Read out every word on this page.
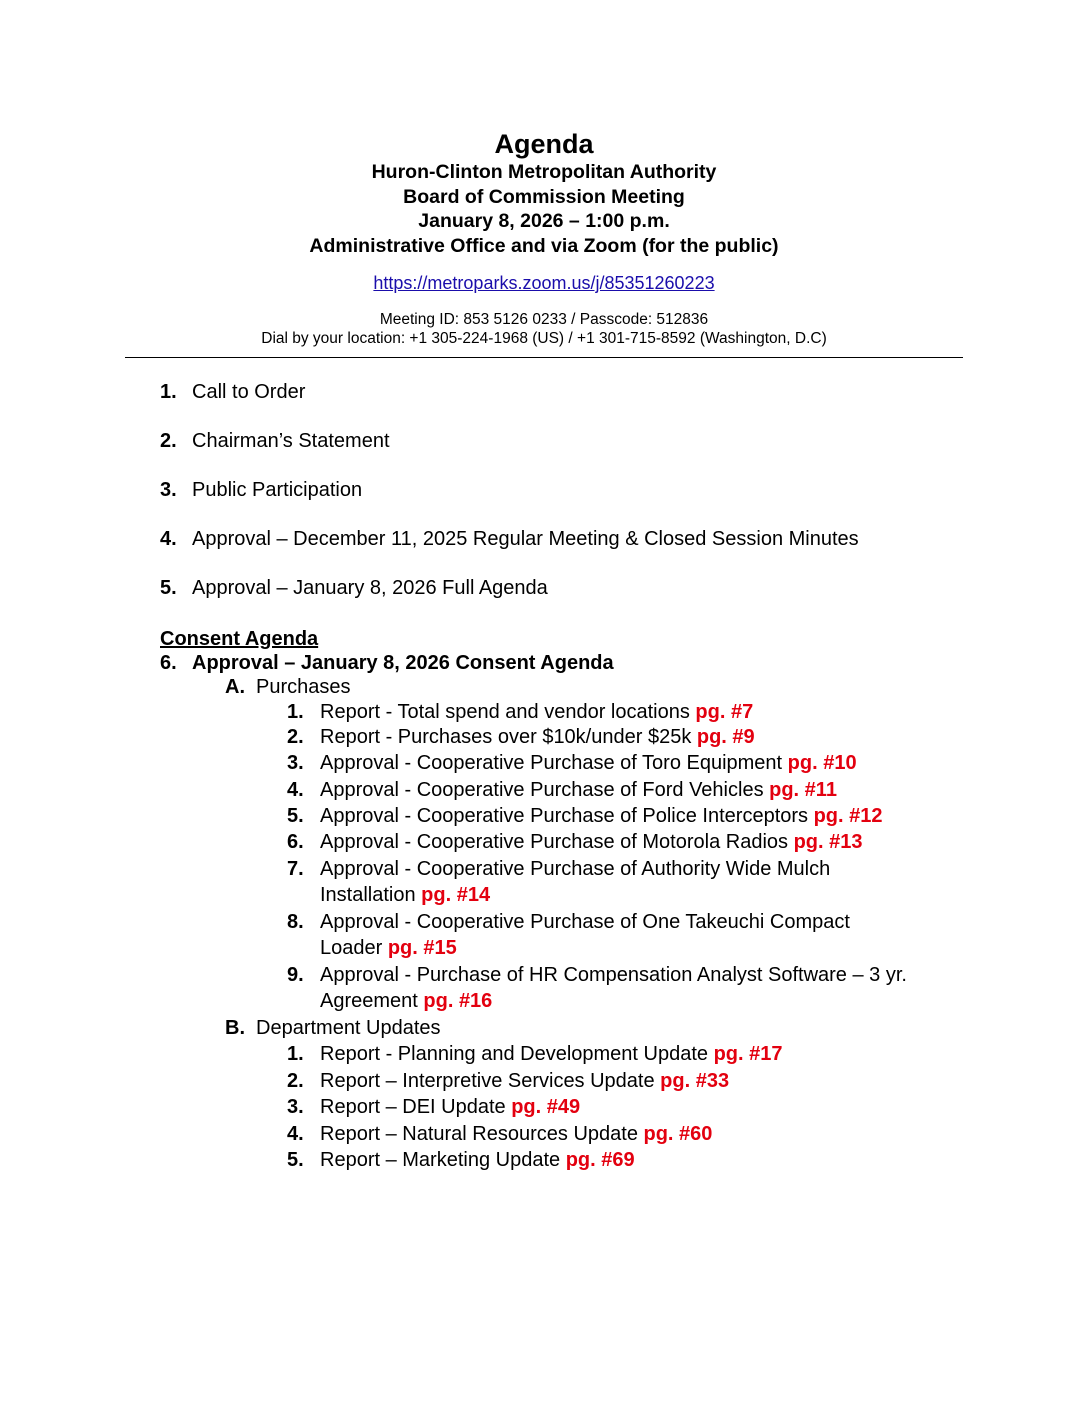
Agenda
Huron-Clinton Metropolitan Authority
Board of Commission Meeting
January 8, 2026 – 1:00 p.m.
Administrative Office and via Zoom (for the public)
https://metroparks.zoom.us/j/85351260223
Meeting ID: 853 5126 0233 / Passcode: 512836
Dial by your location: +1 305-224-1968 (US) / +1 301-715-8592 (Washington, D.C)
1. Call to Order
2. Chairman’s Statement
3. Public Participation
4. Approval – December 11, 2025 Regular Meeting & Closed Session Minutes
5. Approval – January 8, 2026 Full Agenda
Consent Agenda
6. Approval – January 8, 2026 Consent Agenda
A. Purchases
1. Report - Total spend and vendor locations pg. #7
2. Report - Purchases over $10k/under $25k pg. #9
3. Approval - Cooperative Purchase of Toro Equipment pg. #10
4. Approval - Cooperative Purchase of Ford Vehicles pg. #11
5. Approval - Cooperative Purchase of Police Interceptors pg. #12
6. Approval - Cooperative Purchase of Motorola Radios pg. #13
7. Approval - Cooperative Purchase of Authority Wide Mulch Installation pg. #14
8. Approval - Cooperative Purchase of One Takeuchi Compact Loader pg. #15
9. Approval - Purchase of HR Compensation Analyst Software – 3 yr. Agreement pg. #16
B. Department Updates
1. Report - Planning and Development Update pg. #17
2. Report – Interpretive Services Update pg. #33
3. Report – DEI Update pg. #49
4. Report – Natural Resources Update pg. #60
5. Report – Marketing Update pg. #69
